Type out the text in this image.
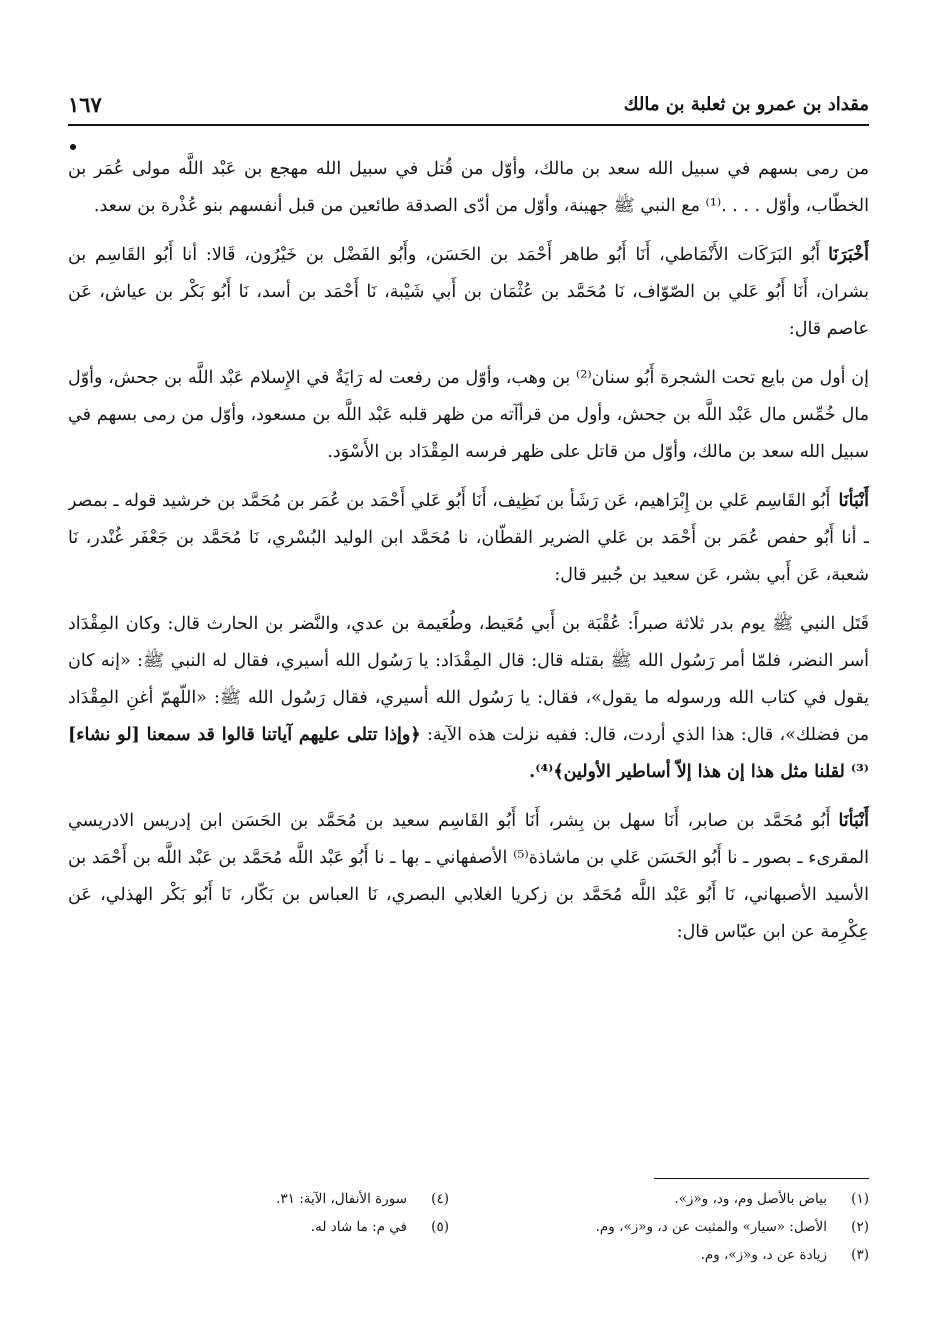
مقداد بن عمرو بن ثعلبة بن مالك
١٦٧

من رمى بسهم في سبيل الله سعد بن مالك، وأوّل من قُتل في سبيل الله مهجع بن عَبْد اللَّه مولى عُمَر بن الخطّاب، وأوّل . . . .⁽¹⁾ مع النبي ﷺ جهينة، وأوّل من أدّى الصدقة طائعين من قبل أنفسهم بنو عُذْرة بن سعد.

أَخْبَرَنَاأَبُو البَرَكَات الأَنْمَاطي، أَنَا أَبُو طاهر أَحْمَد بن الحَسَن، وأَبُو الفَضْل بن خَيْرُون، قَالا: أنا أَبُو القَاسِم بن بشران، أَنَا أَبُو عَلي بن الصّوّاف، نَا مُحَمَّد بن عُثْمَان بن أَبي شَيْبة، نَا أَحْمَد بن أسد، نَا أَبُو بَكْر بن عياش، عَن عاصم قال:

إن أول من بايع تحت الشجرة أَبُو سنان⁽²⁾ بن وهب، وأوّل من رفعت له رَايَةٌ في الإِسلام عَبْد اللَّه بن جحش، وأوّل مال خُمِّس مال عَبْد اللَّه بن جحش، وأول من قرأآته من ظهر قلبه عَبْد اللَّه بن مسعود، وأوّل من رمى بسهم في سبيل الله سعد بن مالك، وأوّل من قاتل على ظهر فرسه المِقْدَاد بن الأَسْوَد.

أَنْبَأنَاأَبُو القَاسِم عَلي بن إِبْرَاهيم، عَن رَشَأ بن نَظِيف، أَنَا أَبُو عَلي أَحْمَد بن عُمَر بن مُحَمَّد بن خرشيد قوله ـ بمصر ـ أنا أَبُو حفص عُمَر بن أَحْمَد بن عَلي الضرير القطّان، نا مُحَمَّد ابن الوليد البُسْري، نَا مُحَمَّد بن جَعْفَر غُنْدر، نَا شعبة، عَن أَبي بشر، عَن سعيد بن جُبير قال:

قَتَل النبي ﷺ يوم بدر ثلاثة صبراً: عُقْبَة بن أَبي مُعَيط، وطُعَيمة بن عدي، والنَّضر بن الحارث قال: وكان المِقْدَاد أسر النضر، فلمّا أمر رَسُول الله ﷺ بقتله قال: قال المِقْدَاد: يا رَسُول الله أسيري، فقال له النبي ﷺ: «إنه كان يقول في كتاب الله ورسوله ما يقول»، فقال: يا رَسُول الله أسيري، فقال رَسُول الله ﷺ: «اللّهمّ أغنِ المِقْدَاد من فضلك»، قال: هذا الذي أردت، قال: ففيه نزلت هذه الآية: ﴿وإذا تتلى عليهم آياتنا قالوا قد سمعنا [لو نشاء]⁽³⁾ لقلنا مثل هذا إن هذا إلاّ أساطير الأولين﴾⁽⁴⁾.

أَنْبَأنَاأَبُو مُحَمَّد بن صابر، أَنَا سهل بن بِشر، أَنَا أَبُو القَاسِم سعيد بن مُحَمَّد بن الحَسَن ابن إدريس الادريسي المقرىء ـ بصور ـ نا أَبُو الحَسَن عَلي بن ماشاذة⁽⁵⁾ الأصفهاني ـ بها ـ نا أَبُو عَبْد اللَّه مُحَمَّد بن عَبْد اللَّه بن أَحْمَد بن الأسيد الأصبهاني، نَا أَبُو عَبْد اللَّه مُحَمَّد بن زكريا الغلابي البصري، نَا العباس بن بَكّار، نَا أَبُو بَكْر الهذلي، عَن عِكْرِمة عن ابن عبّاس قال:

(١)
بياض بالأصل وم، ود، و«ز».
(٢)
الأصل: «سيار» والمثبت عن د، و«ز»، وم.
(٣)
زيادة عن د، و«ز»، وم.
(٤)
سورة الأنفال، الآية: ٣١.
(٥)
في م: ما شاد له.
